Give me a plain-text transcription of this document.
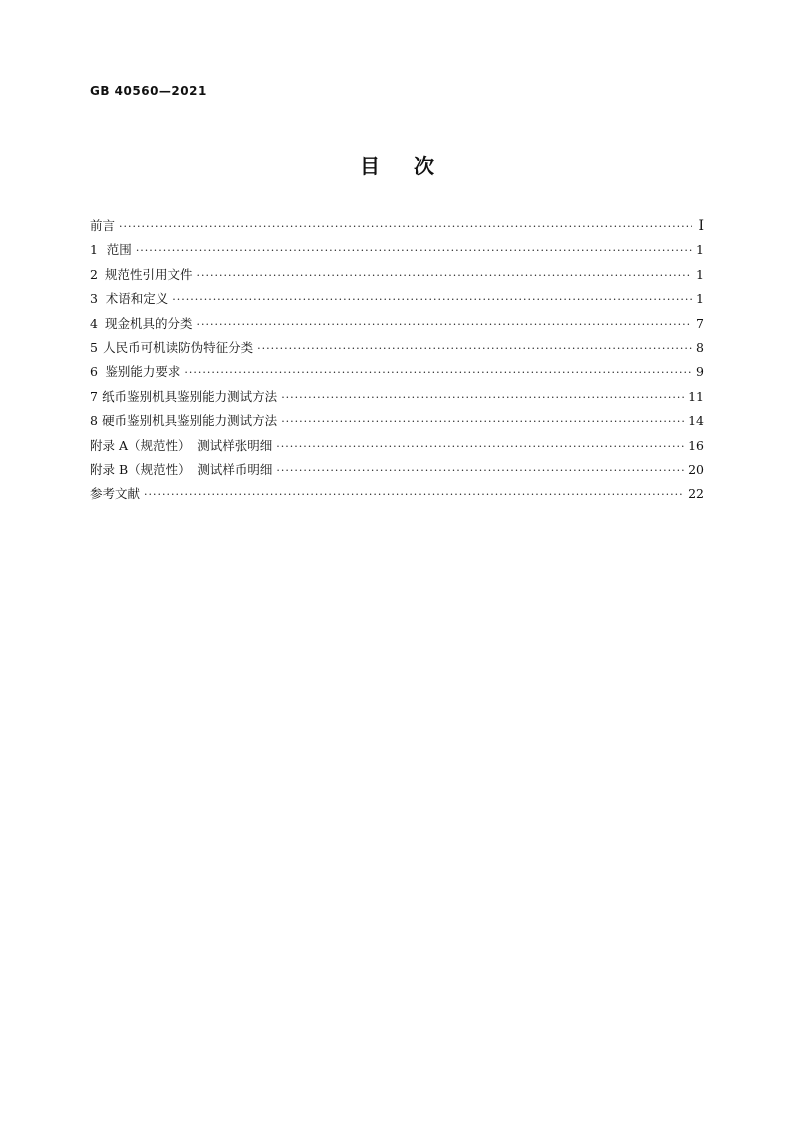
GB 40560—2021
目次
前言 ·····	Ⅰ
1 范围 ·····	1
2 规范性引用文件 ·····	1
3 术语和定义 ·····	1
4 现金机具的分类 ·····	7
5 人民币可机读防伪特征分类 ·····	8
6 鉴别能力要求 ·····	9
7 纸币鉴别机具鉴别能力测试方法 ·····	11
8 硬币鉴别机具鉴别能力测试方法 ·····	14
附录 A（规范性） 测试样张明细 ·····	16
附录 B（规范性） 测试样币明细 ·····	20
参考文献 ·····	22
